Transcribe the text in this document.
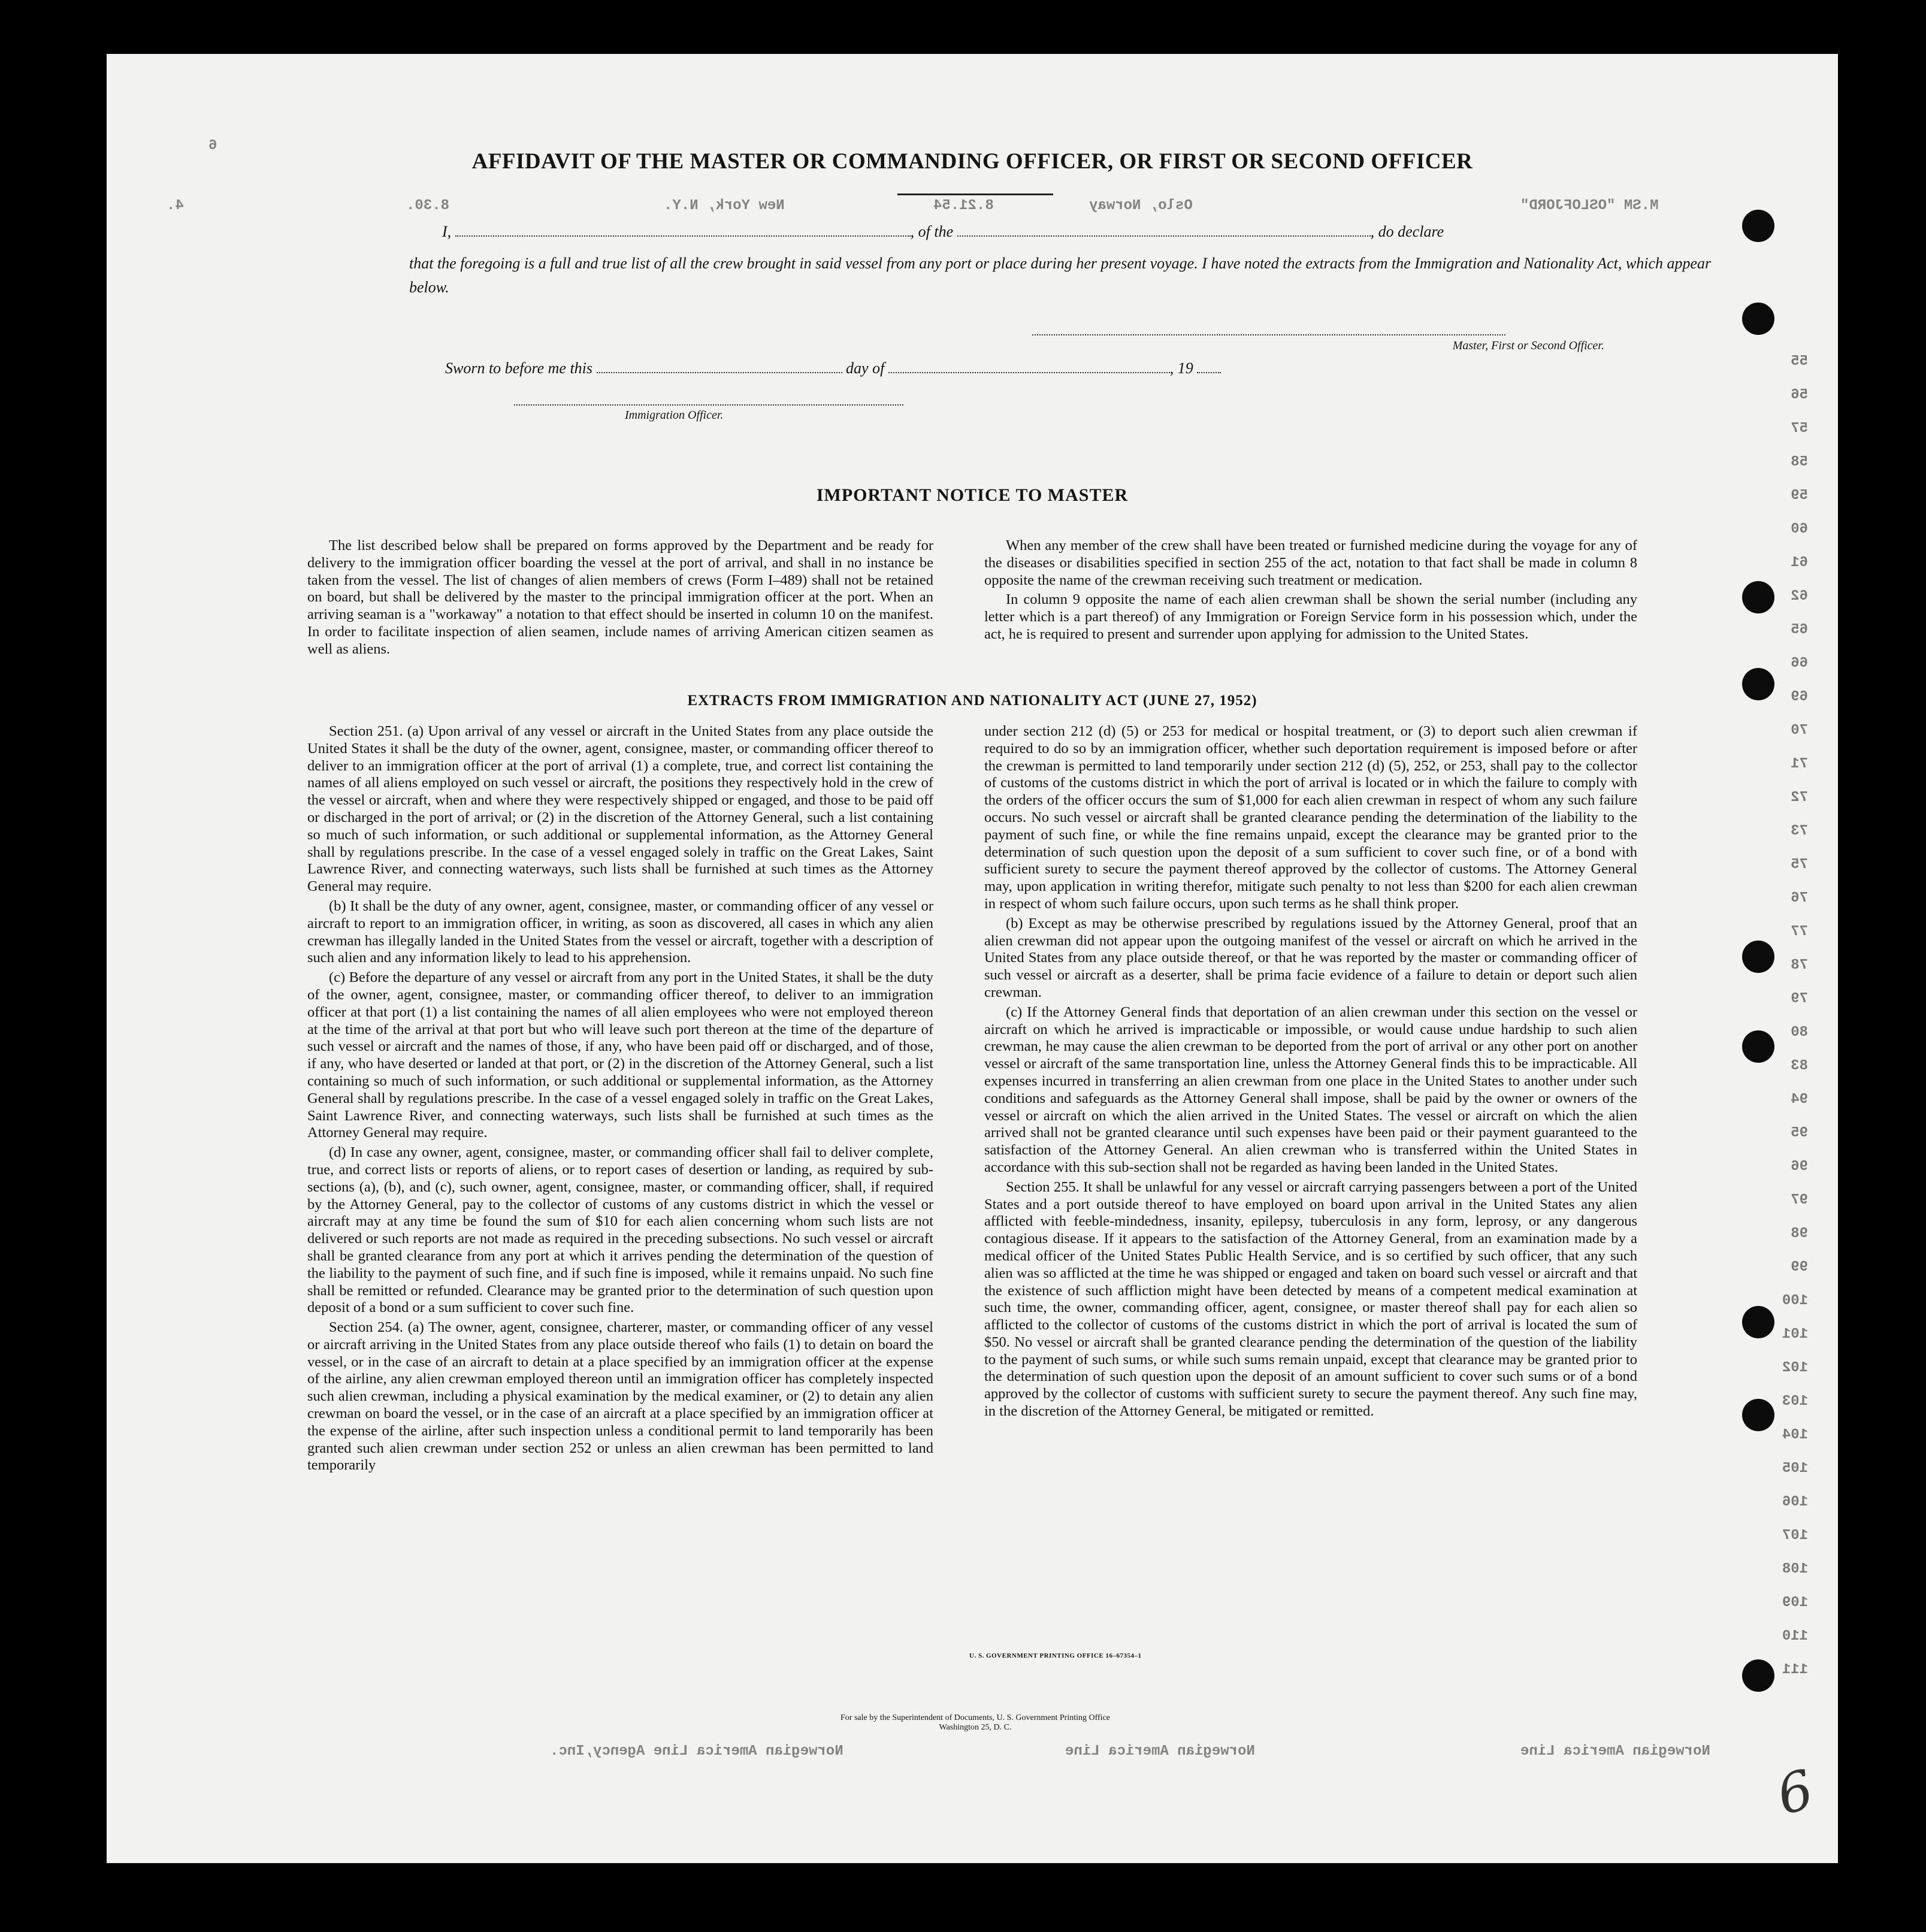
M.SM "OSLOFJORD"
Oslo, Norway
8.21.54
New York, N.Y.
8.30.
4.
6
55
56
57
58
59
60
61
62
65
66
69
70
71
72
73
75
76
77
78
79
80
83
94
95
96
97
98
99
100
101
102
103
104
105
106
107
108
109
110
111
Norwegian America Line
Norwegian America Line
Norwegian America Line Agency,Inc.
AFFIDAVIT OF THE MASTER OR COMMANDING OFFICER, OR FIRST OR SECOND OFFICER
I,	, of the	, do declare
that the foregoing is a full and true list of all the crew brought in said vessel from any port or place during her present voyage. I have noted the extracts from the Immigration and Nationality Act, which appear below.
Master, First or Second Officer.
Sworn to before me this	day of	, 19
Immigration Officer.
IMPORTANT NOTICE TO MASTER

The list described below shall be prepared on forms approved by the Department and be ready for delivery to the immigration officer boarding the vessel at the port of arrival, and shall in no instance be taken from the vessel. The list of changes of alien members of crews (Form I–489) shall not be retained on board, but shall be delivered by the master to the principal immigration officer at the port. When an arriving seaman is a "workaway" a notation to that effect should be inserted in column 10 on the manifest. In order to facilitate inspection of alien seamen, include names of arriving American citizen seamen as well as aliens.

When any member of the crew shall have been treated or furnished medicine during the voyage for any of the diseases or disabilities specified in section 255 of the act, notation to that fact shall be made in column 8 opposite the name of the crewman receiving such treatment or medication.

In column 9 opposite the name of each alien crewman shall be shown the serial number (including any letter which is a part thereof) of any Immigration or Foreign Service form in his possession which, under the act, he is required to present and surrender upon applying for admission to the United States.

EXTRACTS FROM IMMIGRATION AND NATIONALITY ACT (JUNE 27, 1952)

Section 251. (a) Upon arrival of any vessel or aircraft in the United States from any place outside the United States it shall be the duty of the owner, agent, consignee, master, or commanding officer thereof to deliver to an immigration officer at the port of arrival (1) a complete, true, and correct list containing the names of all aliens employed on such vessel or aircraft, the positions they respectively hold in the crew of the vessel or aircraft, when and where they were respectively shipped or engaged, and those to be paid off or discharged in the port of arrival; or (2) in the discretion of the Attorney General, such a list containing so much of such information, or such additional or supplemental information, as the Attorney General shall by regulations prescribe. In the case of a vessel engaged solely in traffic on the Great Lakes, Saint Lawrence River, and connecting waterways, such lists shall be furnished at such times as the Attorney General may require.

(b) It shall be the duty of any owner, agent, consignee, master, or commanding officer of any vessel or aircraft to report to an immigration officer, in writing, as soon as discovered, all cases in which any alien crewman has illegally landed in the United States from the vessel or aircraft, together with a description of such alien and any information likely to lead to his apprehension.

(c) Before the departure of any vessel or aircraft from any port in the United States, it shall be the duty of the owner, agent, consignee, master, or commanding officer thereof, to deliver to an immigration officer at that port (1) a list containing the names of all alien employees who were not employed thereon at the time of the arrival at that port but who will leave such port thereon at the time of the departure of such vessel or aircraft and the names of those, if any, who have been paid off or discharged, and of those, if any, who have deserted or landed at that port, or (2) in the discretion of the Attorney General, such a list containing so much of such information, or such additional or supplemental information, as the Attorney General shall by regulations prescribe. In the case of a vessel engaged solely in traffic on the Great Lakes, Saint Lawrence River, and connecting waterways, such lists shall be furnished at such times as the Attorney General may require.

(d) In case any owner, agent, consignee, master, or commanding officer shall fail to deliver complete, true, and correct lists or reports of aliens, or to report cases of desertion or landing, as required by sub-sections (a), (b), and (c), such owner, agent, consignee, master, or commanding officer, shall, if required by the Attorney General, pay to the collector of customs of any customs district in which the vessel or aircraft may at any time be found the sum of $10 for each alien concerning whom such lists are not delivered or such reports are not made as required in the preceding subsections. No such vessel or aircraft shall be granted clearance from any port at which it arrives pending the determination of the question of the liability to the payment of such fine, and if such fine is imposed, while it remains unpaid. No such fine shall be remitted or refunded. Clearance may be granted prior to the determination of such question upon deposit of a bond or a sum sufficient to cover such fine.

Section 254. (a) The owner, agent, consignee, charterer, master, or commanding officer of any vessel or aircraft arriving in the United States from any place outside thereof who fails (1) to detain on board the vessel, or in the case of an aircraft to detain at a place specified by an immigration officer at the expense of the airline, any alien crewman employed thereon until an immigration officer has completely inspected such alien crewman, including a physical examination by the medical examiner, or (2) to detain any alien crewman on board the vessel, or in the case of an aircraft at a place specified by an immigration officer at the expense of the airline, after such inspection unless a conditional permit to land temporarily has been granted such alien crewman under section 252 or unless an alien crewman has been permitted to land temporarily

under section 212 (d) (5) or 253 for medical or hospital treatment, or (3) to deport such alien crewman if required to do so by an immigration officer, whether such deportation requirement is imposed before or after the crewman is permitted to land temporarily under section 212 (d) (5), 252, or 253, shall pay to the collector of customs of the customs district in which the port of arrival is located or in which the failure to comply with the orders of the officer occurs the sum of $1,000 for each alien crewman in respect of whom any such failure occurs. No such vessel or aircraft shall be granted clearance pending the determination of the liability to the payment of such fine, or while the fine remains unpaid, except the clearance may be granted prior to the determination of such question upon the deposit of a sum sufficient to cover such fine, or of a bond with sufficient surety to secure the payment thereof approved by the collector of customs. The Attorney General may, upon application in writing therefor, mitigate such penalty to not less than $200 for each alien crewman in respect of whom such failure occurs, upon such terms as he shall think proper.

(b) Except as may be otherwise prescribed by regulations issued by the Attorney General, proof that an alien crewman did not appear upon the outgoing manifest of the vessel or aircraft on which he arrived in the United States from any place outside thereof, or that he was reported by the master or commanding officer of such vessel or aircraft as a deserter, shall be prima facie evidence of a failure to detain or deport such alien crewman.

(c) If the Attorney General finds that deportation of an alien crewman under this section on the vessel or aircraft on which he arrived is impracticable or impossible, or would cause undue hardship to such alien crewman, he may cause the alien crewman to be deported from the port of arrival or any other port on another vessel or aircraft of the same transportation line, unless the Attorney General finds this to be impracticable. All expenses incurred in transferring an alien crewman from one place in the United States to another under such conditions and safeguards as the Attorney General shall impose, shall be paid by the owner or owners of the vessel or aircraft on which the alien arrived in the United States. The vessel or aircraft on which the alien arrived shall not be granted clearance until such expenses have been paid or their payment guaranteed to the satisfaction of the Attorney General. An alien crewman who is transferred within the United States in accordance with this sub-section shall not be regarded as having been landed in the United States.

Section 255. It shall be unlawful for any vessel or aircraft carrying passengers between a port of the United States and a port outside thereof to have employed on board upon arrival in the United States any alien afflicted with feeble-mindedness, insanity, epilepsy, tuberculosis in any form, leprosy, or any dangerous contagious disease. If it appears to the satisfaction of the Attorney General, from an examination made by a medical officer of the United States Public Health Service, and is so certified by such officer, that any such alien was so afflicted at the time he was shipped or engaged and taken on board such vessel or aircraft and that the existence of such affliction might have been detected by means of a competent medical examination at such time, the owner, commanding officer, agent, consignee, or master thereof shall pay for each alien so afflicted to the collector of customs of the customs district in which the port of arrival is located the sum of $50. No vessel or aircraft shall be granted clearance pending the determination of the question of the liability to the payment of such sums, or while such sums remain unpaid, except that clearance may be granted prior to the determination of such question upon the deposit of an amount sufficient to cover such sums or of a bond approved by the collector of customs with sufficient surety to secure the payment thereof. Any such fine may, in the discretion of the Attorney General, be mitigated or remitted.

U. S. GOVERNMENT PRINTING OFFICE 16–67354–1
For sale by the Superintendent of Documents, U. S. Government Printing Office
Washington 25, D. C.
6
